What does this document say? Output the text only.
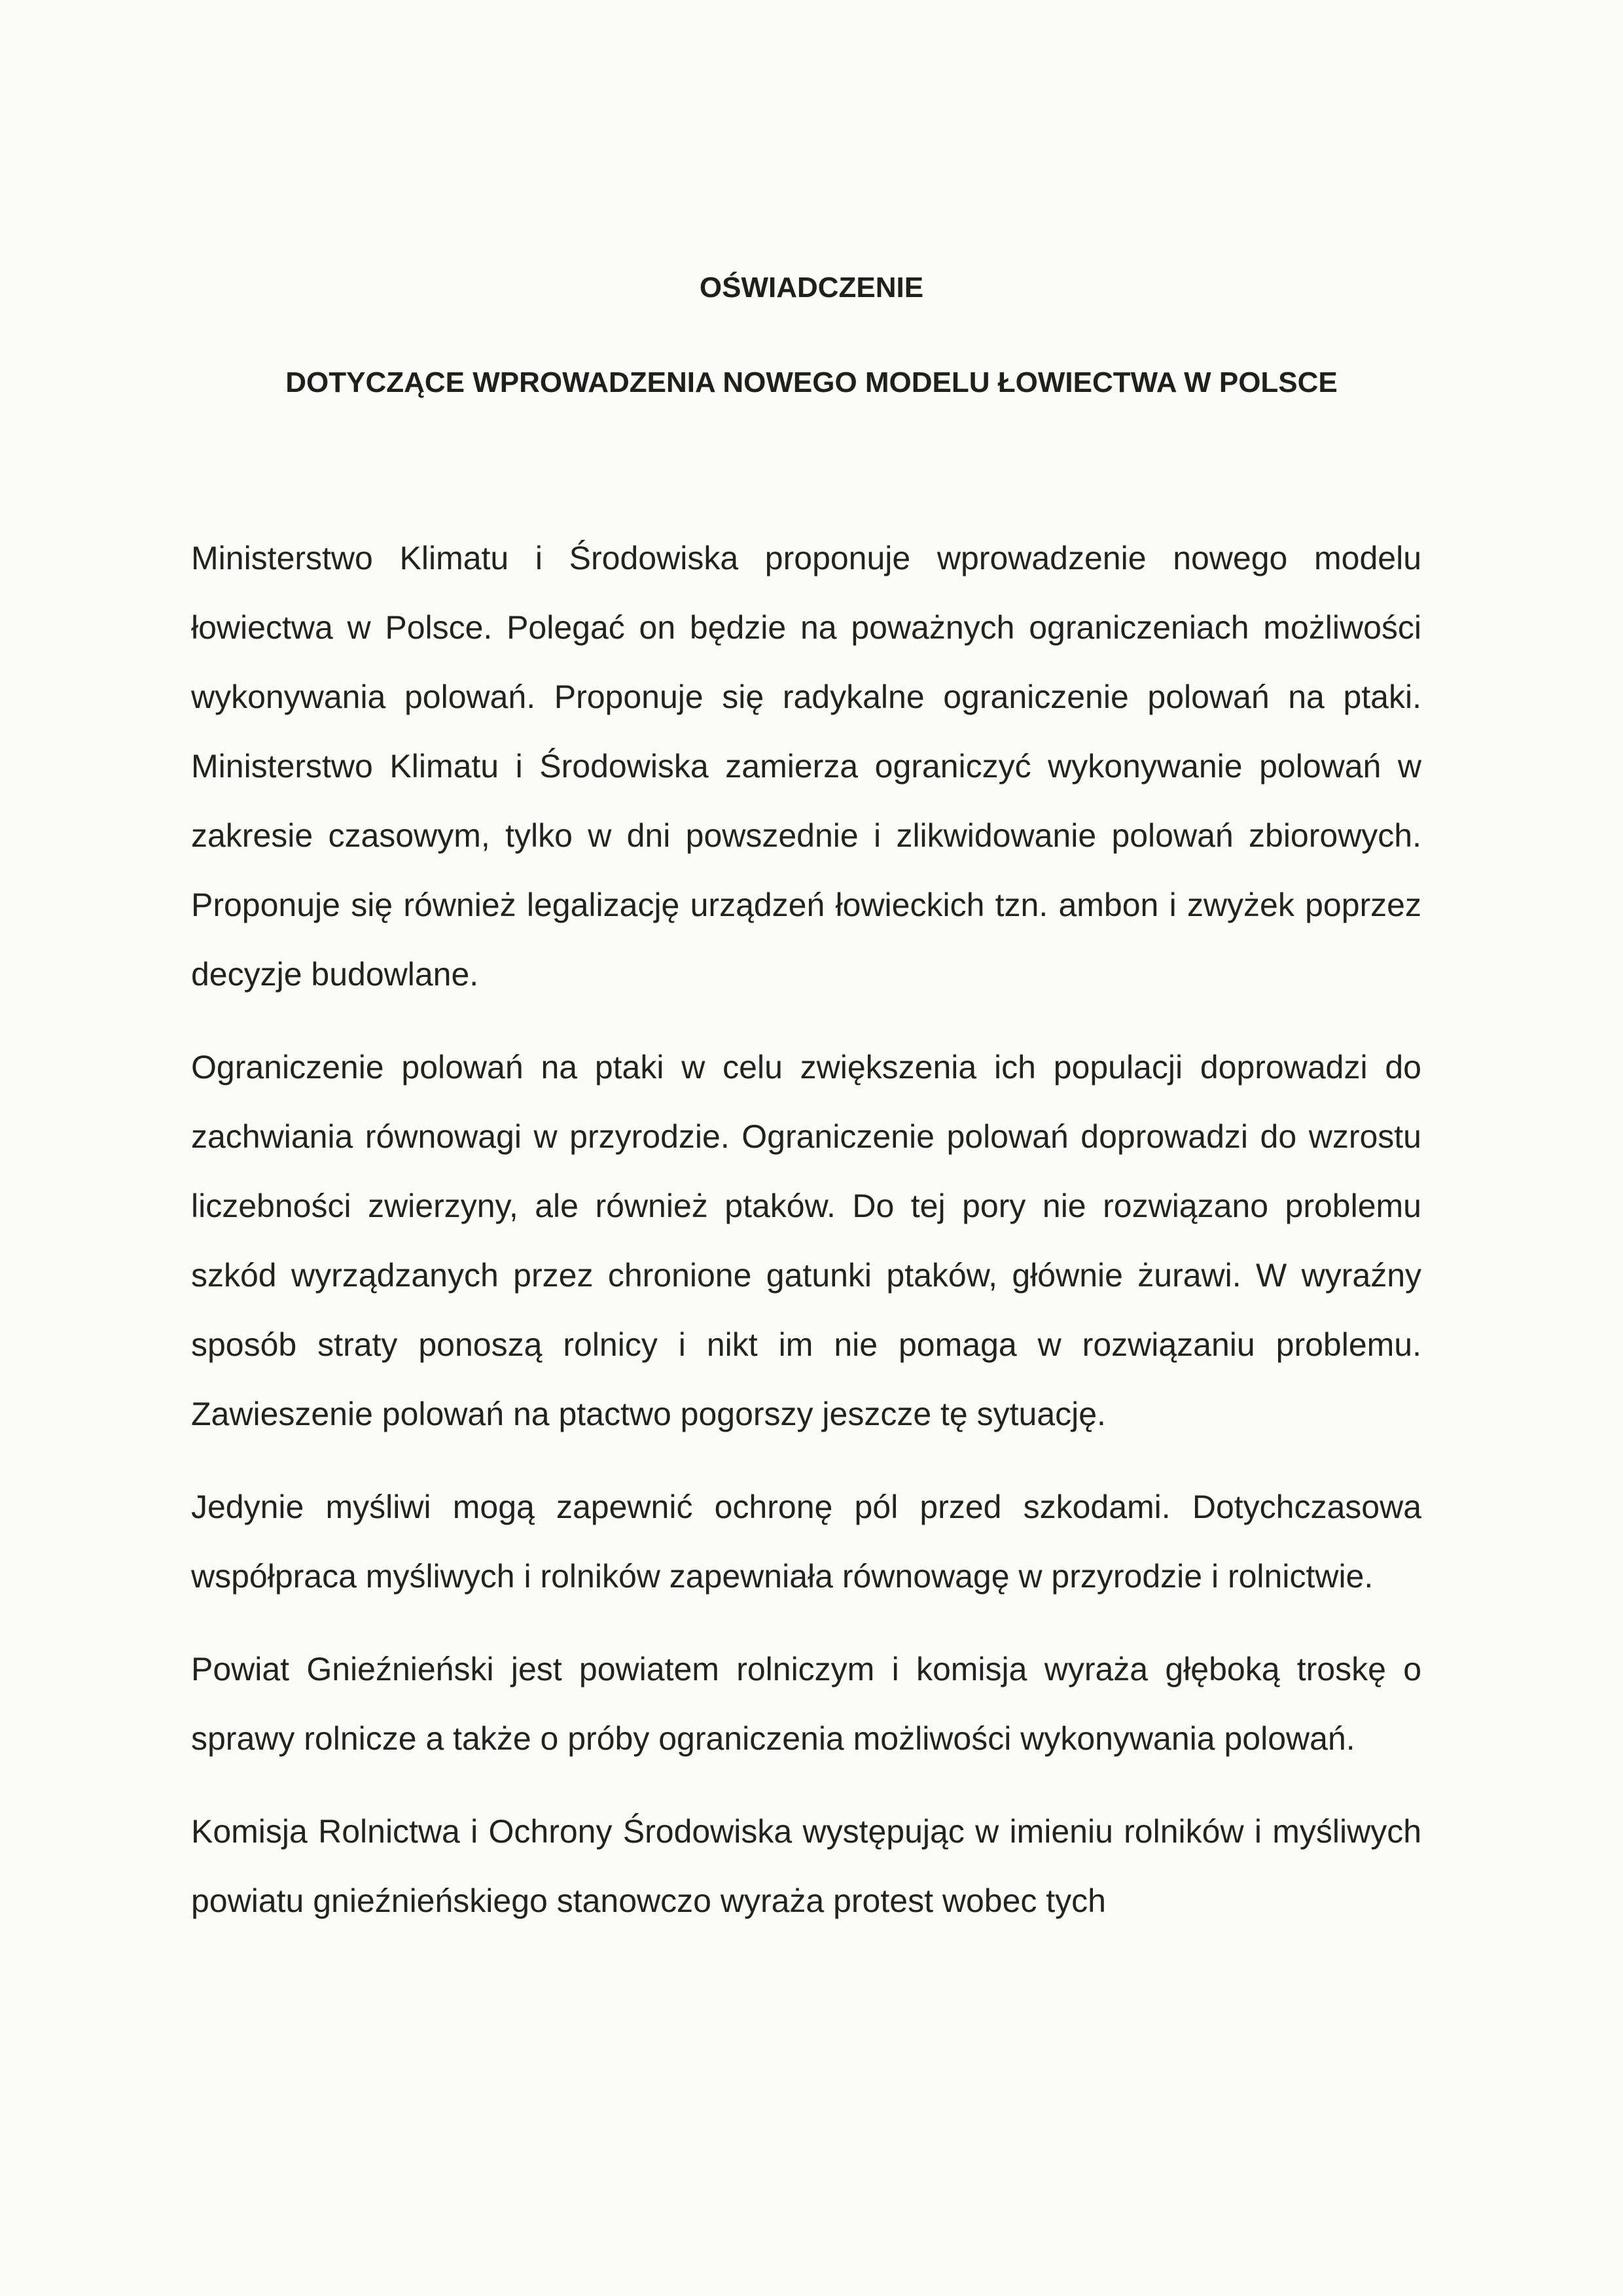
OŚWIADCZENIE
DOTYCZĄCE WPROWADZENIA NOWEGO MODELU ŁOWIECTWA W POLSCE

Ministerstwo Klimatu i Środowiska proponuje wprowadzenie nowego modelu łowiectwa w Polsce. Polegać on będzie na poważnych ograniczeniach możliwości wykonywania polowań. Proponuje się radykalne ograniczenie polowań na ptaki. Ministerstwo Klimatu i Środowiska zamierza ograniczyć wykonywanie polowań w zakresie czasowym, tylko w dni powszednie i zlikwidowanie polowań zbiorowych. Proponuje się również legalizację urządzeń łowieckich tzn. ambon i zwyżek poprzez decyzje budowlane.

Ograniczenie polowań na ptaki w celu zwiększenia ich populacji doprowadzi do zachwiania równowagi w przyrodzie. Ograniczenie polowań doprowadzi do wzrostu liczebności zwierzyny, ale również ptaków. Do tej pory nie rozwiązano problemu szkód wyrządzanych przez chronione gatunki ptaków, głównie żurawi. W wyraźny sposób straty ponoszą rolnicy i nikt im nie pomaga w rozwiązaniu problemu. Zawieszenie polowań na ptactwo pogorszy jeszcze tę sytuację.

Jedynie myśliwi mogą zapewnić ochronę pól przed szkodami. Dotychczasowa współpraca myśliwych i rolników zapewniała równowagę w przyrodzie i rolnictwie.

Powiat Gnieźnieński jest powiatem rolniczym i komisja wyraża głęboką troskę o sprawy rolnicze a także o próby ograniczenia możliwości wykonywania polowań.

Komisja Rolnictwa i Ochrony Środowiska występując w imieniu rolników i myśliwych powiatu gnieźnieńskiego stanowczo wyraża protest wobec tych
